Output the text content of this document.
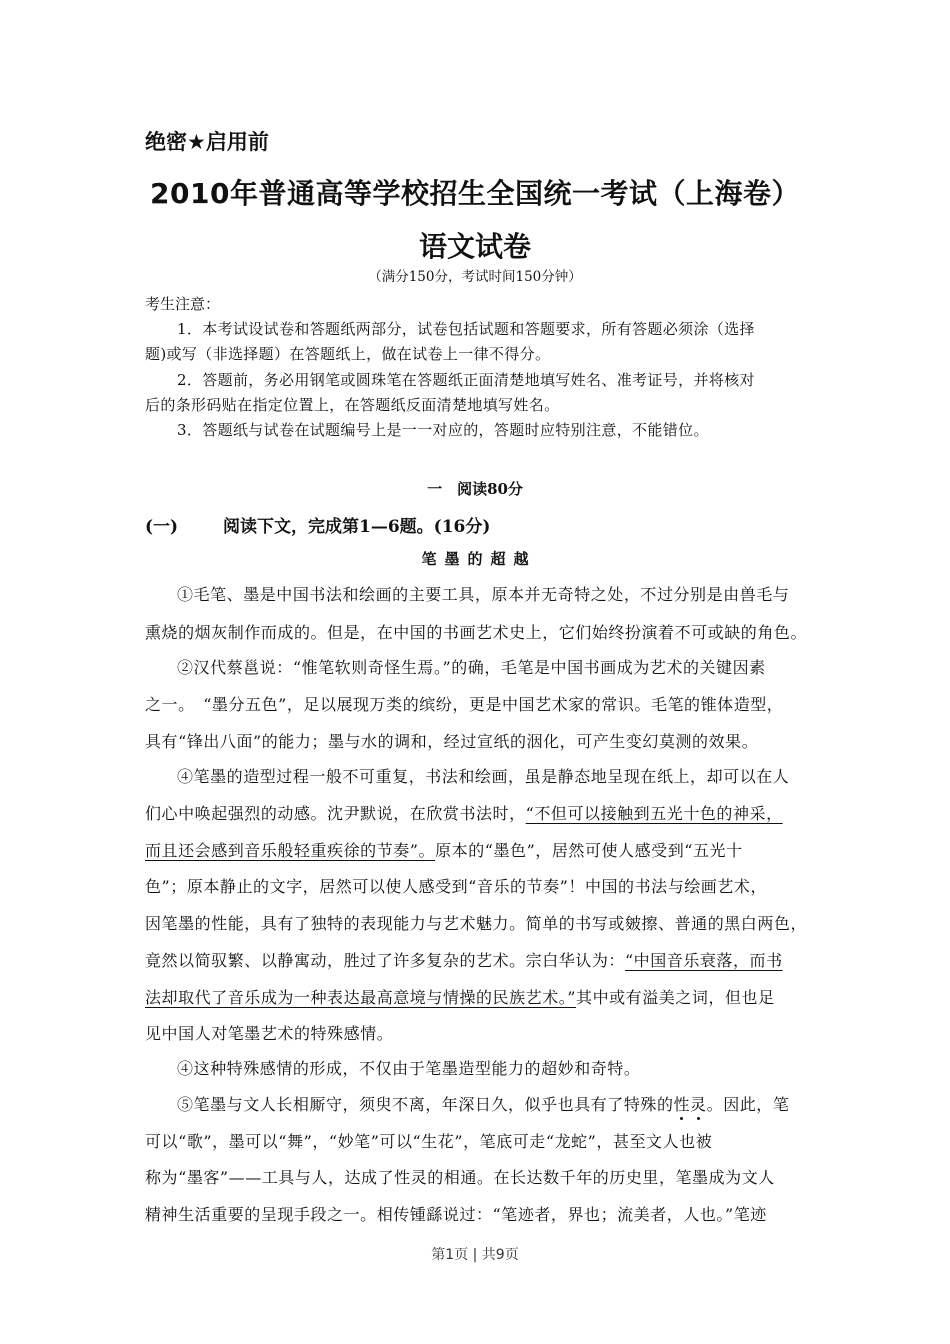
绝密★启用前
2010年普通高等学校招生全国统一考试（上海卷）
语文试卷
（满分150分，考试时间150分钟）
考生注意：
1．本考试设试卷和答题纸两部分，试卷包括试题和答题要求，所有答题必须涂（选择
题)或写（非选择题）在答题纸上，做在试卷上一律不得分。
2．答题前，务必用钢笔或圆珠笔在答题纸正面清楚地填写姓名、准考证号，并将核对
后的条形码贴在指定位置上，在答题纸反面清楚地填写姓名。
3．答题纸与试卷在试题编号上是一一对应的，答题时应特别注意，不能错位。
一　阅读80分
(一)	阅读下文，完成第1—6题。(16分)
笔墨的超越
①毛笔、墨是中国书法和绘画的主要工具，原本并无奇特之处，不过分别是由兽毛与
熏烧的烟灰制作而成的。但是，在中国的书画艺术史上，它们始终扮演着不可或缺的角色。
②汉代蔡邕说：“惟笔软则奇怪生焉。”的确，毛笔是中国书画成为艺术的关键因素
之一。　“墨分五色”，足以展现万类的缤纷，更是中国艺术家的常识。毛笔的锥体造型，
具有“锋出八面”的能力；墨与水的调和，经过宣纸的洇化，可产生变幻莫测的效果。
④笔墨的造型过程一般不可重复，书法和绘画，虽是静态地呈现在纸上，却可以在人
们心中唤起强烈的动感。沈尹默说，在欣赏书法时，“不但可以接触到五光十色的神采，
而且还会感到音乐般轻重疾徐的节奏”。原本的“墨色”，居然可使人感受到“五光十
色”；原本静止的文字，居然可以使人感受到“音乐的节奏”！中国的书法与绘画艺术，
因笔墨的性能，具有了独特的表现能力与艺术魅力。简单的书写或皴擦、普通的黑白两色，
竟然以简驭繁、以静寓动，胜过了许多复杂的艺术。宗白华认为：“中国音乐衰落，而书
法却取代了音乐成为一种表达最高意境与情操的民族艺术。”其中或有溢美之词，但也足
见中国人对笔墨艺术的特殊感情。
④这种特殊感情的形成，不仅由于笔墨造型能力的超妙和奇特。
⑤笔墨与文人长相厮守，须臾不离，年深日久，似乎也具有了特殊的性灵。因此，笔
可以“歌”，墨可以“舞”，“妙笔”可以“生花”，笔底可走“龙蛇”，甚至文人也被
称为“墨客”——工具与人，达成了性灵的相通。在长达数千年的历史里，笔墨成为文人
精神生活重要的呈现手段之一。相传锺繇说过：“笔迹者，界也；流美者，人也。”笔迹
第1页 | 共9页
